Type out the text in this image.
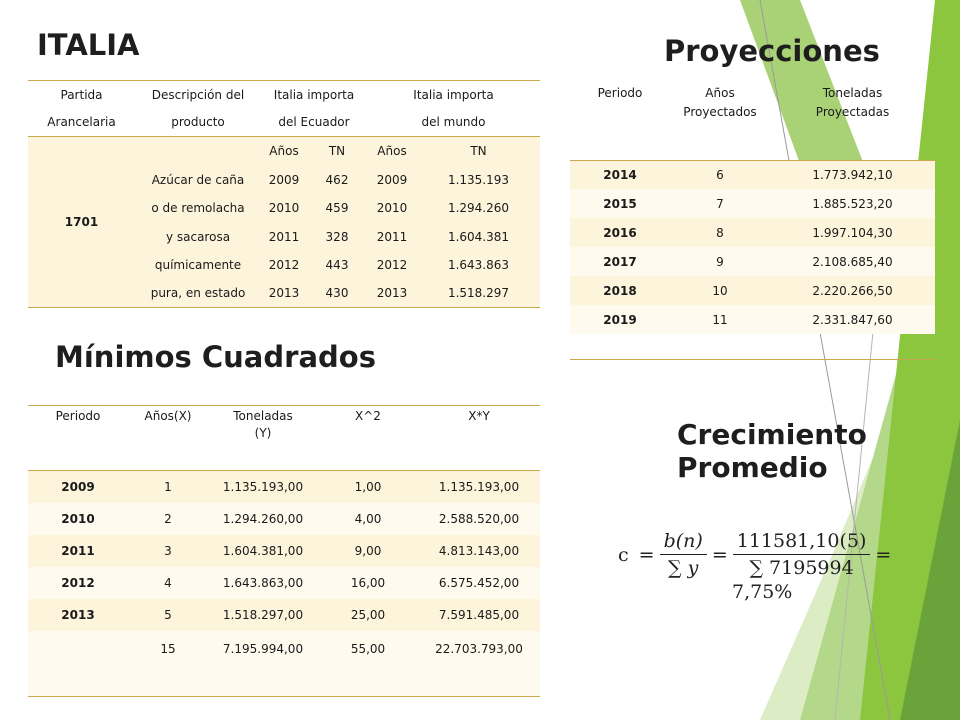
ITALIA	Proyecciones
Mínimos Cuadrados
Crecimiento
Promedio
Partida	Descripción del	Italia importa		Italia importa	
Arancelaria	producto	del Ecuador		del mundo	
1701		Años	TN	Años	TN
	Azúcar de caña	2009	462	2009	1.135.193
	o de remolacha	2010	459	2010	1.294.260
	y sacarosa	2011	328	2011	1.604.381
	químicamente	2012	443	2012	1.643.863
	pura, en estado	2013	430	2013	1.518.297
Periodo	Años	Toneladas
	Proyectados	Proyectadas
2014	6	1.773.942,10
2015	7	1.885.523,20
2016	8	1.997.104,30
2017	9	2.108.685,40
2018	10	2.220.266,50
2019	11	2.331.847,60

Periodo	Años(X)	Toneladas	X^2	X*Y
		(Y)		
2009	1	1.135.193,00	1,00	1.135.193,00
2010	2	1.294.260,00	4,00	2.588.520,00
2011	3	1.604.381,00	9,00	4.813.143,00
2012	4	1.643.863,00	16,00	6.575.452,00
2013	5	1.518.297,00	25,00	7.591.485,00
	15	7.195.994,00	55,00	22.703.793,00

$c = \frac{b(n)}{\sum y} = \frac{111581,10(5)}{\sum 7195994}$ =
7,75%
